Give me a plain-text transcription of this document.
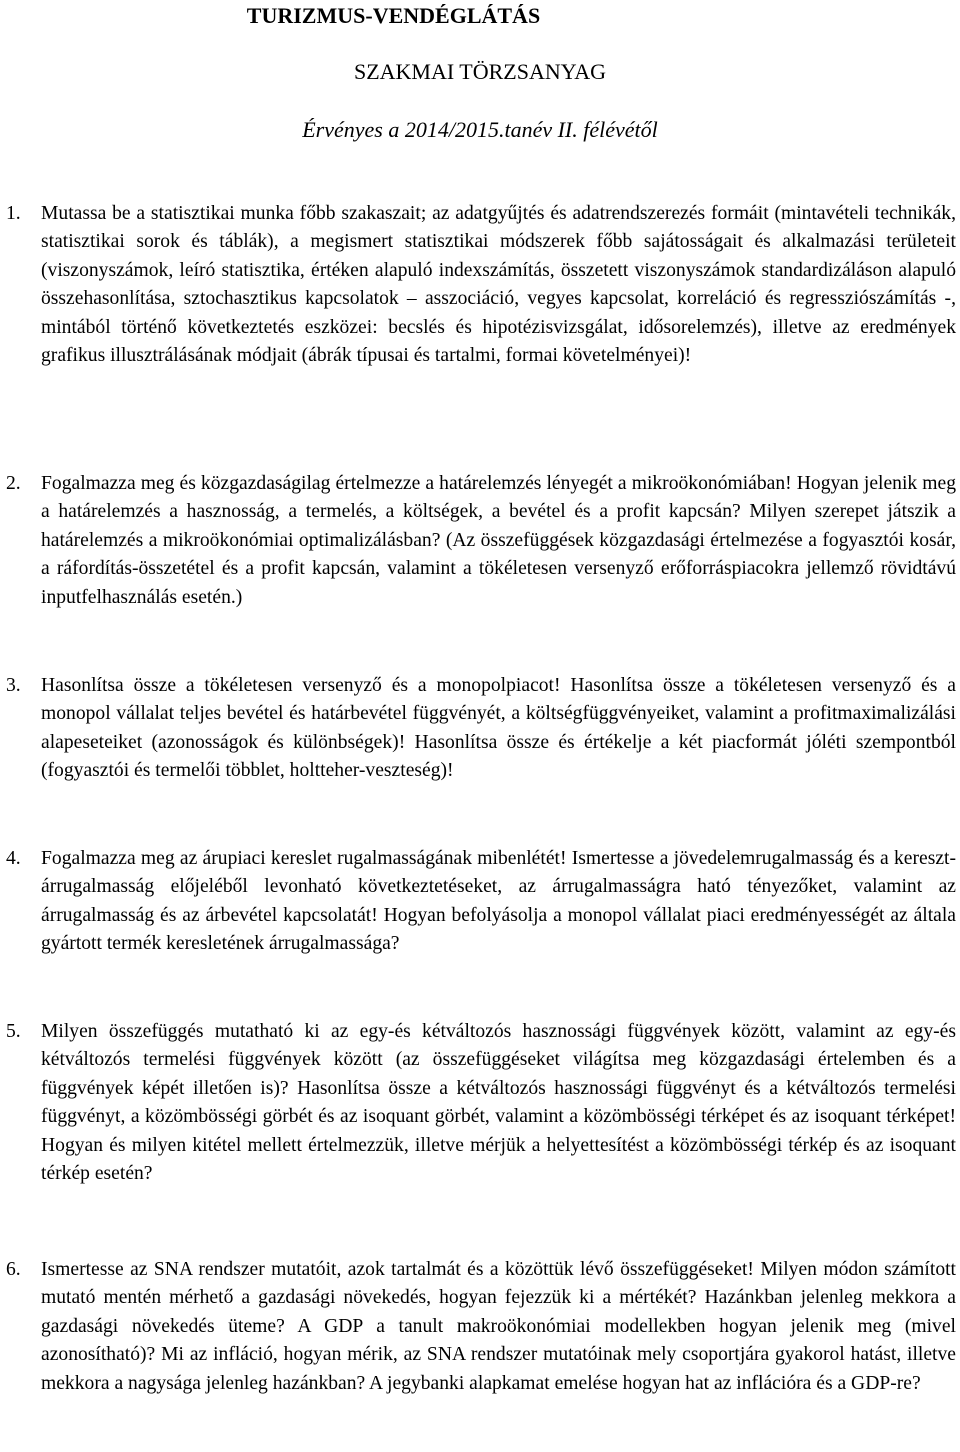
TURIZMUS-VENDÉGLÁTÁS
SZAKMAI TÖRZSANYAG

Érvényes a 2014/2015.tanév II. félévétől

1. Mutassa be a statisztikai munka főbb szakaszait; az adatgyűjtés és adatrendszerezés formáit (mintavételi technikák, statisztikai sorok és táblák), a megismert statisztikai módszerek főbb sajátosságait és alkalmazási területeit (viszonyszámok, leíró statisztika, értéken alapuló indexszámítás, összetett viszonyszámok standardizáláson alapuló összehasonlítása, sztochasztikus kapcsolatok – asszociáció, vegyes kapcsolat, korreláció és regressziószámítás -, mintából történő következtetés eszközei: becslés és hipotézisvizsgálat, idősorelemzés), illetve az eredmények grafikus illusztrálásának módjait (ábrák típusai és tartalmi, formai követelményei)!
2. Fogalmazza meg és közgazdaságilag értelmezze a határelemzés lényegét a mikroökonómiában! Hogyan jelenik meg a határelemzés a hasznosság, a termelés, a költségek, a bevétel és a profit kapcsán? Milyen szerepet játszik a határelemzés a mikroökonómiai optimalizálásban? (Az összefüggések közgazdasági értelmezése a fogyasztói kosár, a ráfordítás-összetétel és a profit kapcsán, valamint a tökéletesen versenyző erőforráspiacokra jellemző rövidtávú inputfelhasználás esetén.)
3. Hasonlítsa össze a tökéletesen versenyző és a monopolpiacot! Hasonlítsa össze a tökéletesen versenyző és a monopol vállalat teljes bevétel és határbevétel függvényét, a költségfüggvényeiket, valamint a profitmaximalizálási alapeseteiket (azonosságok és különbségek)! Hasonlítsa össze és értékelje a két piacformát jóléti szempontból (fogyasztói és termelői többlet, holtteher-veszteség)!
4. Fogalmazza meg az árupiaci kereslet rugalmasságának mibenlétét! Ismertesse a jövedelemrugalmasság és a kereszt-árrugalmasság előjeléből levonható következtetéseket, az árrugalmasságra ható tényezőket, valamint az árrugalmasság és az árbevétel kapcsolatát! Hogyan befolyásolja a monopol vállalat piaci eredményességét az általa gyártott termék keresletének árrugalmassága?
5. Milyen összefüggés mutatható ki az egy-és kétváltozós hasznossági függvények között, valamint az egy-és kétváltozós termelési függvények között (az összefüggéseket világítsa meg közgazdasági értelemben és a függvények képét illetően is)? Hasonlítsa össze a kétváltozós hasznossági függvényt és a kétváltozós termelési függvényt, a közömbösségi görbét és az isoquant görbét, valamint a közömbösségi térképet és az isoquant térképet! Hogyan és milyen kitétel mellett értelmezzük, illetve mérjük a helyettesítést a közömbösségi térkép és az isoquant térkép esetén?
6. Ismertesse az SNA rendszer mutatóit, azok tartalmát és a közöttük lévő összefüggéseket! Milyen módon számított mutató mentén mérhető a gazdasági növekedés, hogyan fejezzük ki a mértékét? Hazánkban jelenleg mekkora a gazdasági növekedés üteme? A GDP a tanult makroökonómiai modellekben hogyan jelenik meg (mivel azonosítható)? Mi az infláció, hogyan mérik, az SNA rendszer mutatóinak mely csoportjára gyakorol hatást, illetve mekkora a nagysága jelenleg hazánkban? A jegybanki alapkamat emelése hogyan hat az inflációra és a GDP-re?
